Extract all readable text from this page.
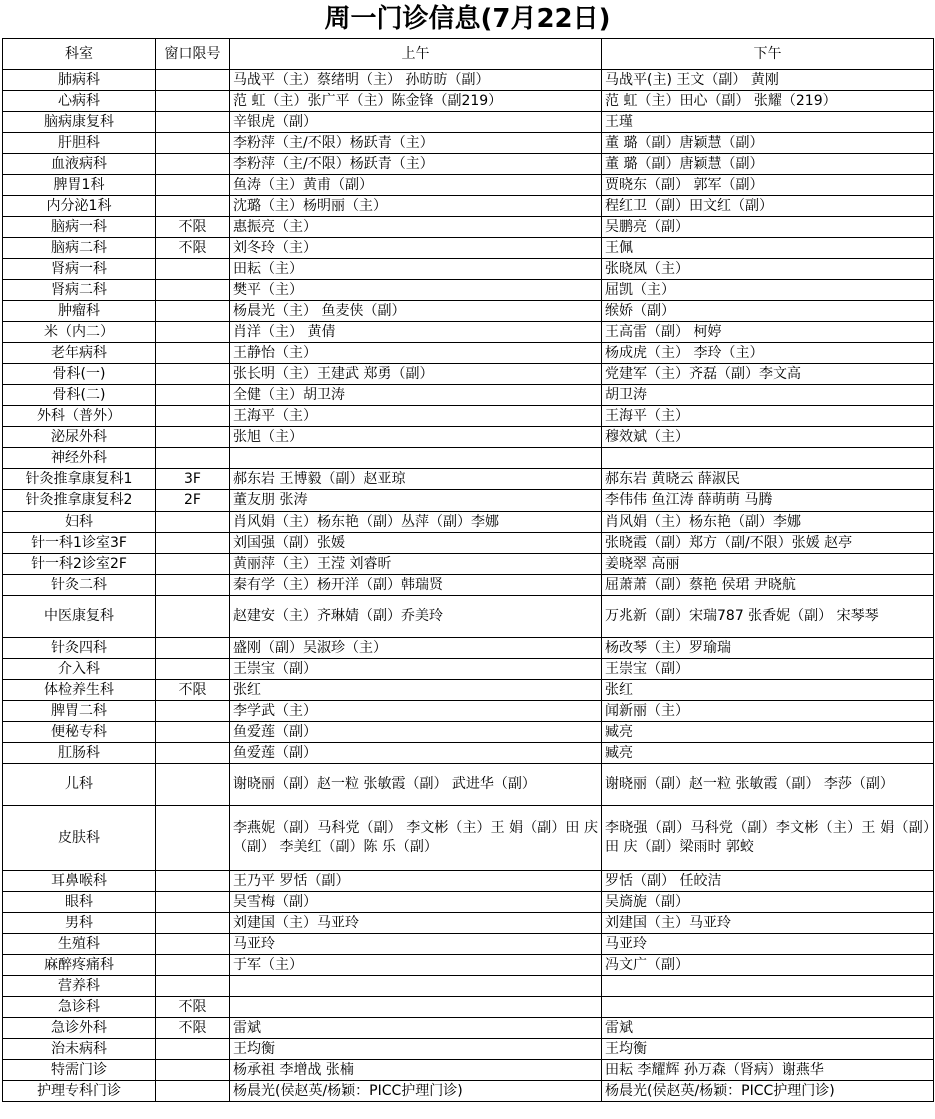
周一门诊信息(7月22日)
科室	窗口限号	上午	下午
肺病科		马战平（主）蔡绪明（主） 孙昉昉（副）	马战平(主) 王文（副） 黄刚
心病科		范 虹（主）张广平（主）陈金锋（副219）	范 虹（主）田心（副） 张耀（219）
脑病康复科		辛银虎（副）	王瑾
肝胆科		李粉萍（主/不限）杨跃青（主）	董 璐（副）唐颖慧（副）
血液病科		李粉萍（主/不限）杨跃青（主）	董 璐（副）唐颖慧（副）
脾胃1科		鱼涛（主）黄甫（副）	贾晓东（副） 郭军（副）
内分泌1科		沈璐（主）杨明丽（主）	程红卫（副）田文红（副）
脑病一科	不限	惠振亮（主）	吴鹏亮（副）
脑病二科	不限	刘冬玲（主）	王佩
肾病一科		田耘（主）	张晓凤（主）
肾病二科		樊平（主）	屈凯（主）
肿瘤科		杨晨光（主） 鱼麦侠（副）	缑娇（副）
米（内二）		肖洋（主） 黄倩	王高雷（副） 柯婷
老年病科		王静怡（主）	杨成虎（主） 李玲（主）
骨科(一)		张长明（主）王建武 郑勇（副）	党建军（主）齐磊（副）李文高
骨科(二)		全健（主）胡卫涛	胡卫涛
外科（普外）		王海平（主）	王海平（主）
泌尿外科		张旭（主）	穆效斌（主）
神经外科			
针灸推拿康复科1	3F	郝东岩 王博毅（副）赵亚琼	郝东岩 黄晓云 薛淑民
针灸推拿康复科2	2F	董友朋 张涛	李伟伟 鱼江涛 薛萌萌 马腾
妇科		肖风娟（主）杨东艳（副）丛萍（副）李娜	肖风娟（主）杨东艳（副）李娜
针一科1诊室3F		刘国强（副）张媛	张晓霞（副）郑方（副/不限）张媛 赵亭
针一科2诊室2F		黄丽萍（主）王滢 刘睿昕	姜晓翠 高丽
针灸二科		秦有学（主）杨开洋（副）韩瑞贤	屈萧萧（副）蔡艳 侯珺 尹晓航
中医康复科		赵建安（主）齐琳婧（副）乔美玲	万兆新（副）宋瑞787 张香妮（副） 宋琴琴
针灸四科		盛刚（副）吴淑珍（主）	杨改琴（主）罗瑜瑞
介入科		王崇宝（副）	王崇宝（副）
体检养生科	不限	张红	张红
脾胃二科		李学武（主）	闻新丽（主）
便秘专科		鱼爱莲（副）	臧亮
肛肠科		鱼爱莲（副）	臧亮
儿科		谢晓丽（副）赵一粒 张敏霞（副） 武进华（副）	谢晓丽（副）赵一粒 张敏霞（副） 李莎（副）
皮肤科		李燕妮（副）马科党（副） 李文彬（主）王 娟（副）田 庆（副） 李美红（副）陈 乐（副）	李晓强（副）马科党（副）李文彬（主）王 娟（副）田 庆（副）梁雨时 郭蛟
耳鼻喉科		王乃平 罗恬（副）	罗恬（副） 任皎洁
眼科		吴雪梅（副）	吴旖旎（副）
男科		刘建国（主）马亚玲	刘建国（主）马亚玲
生殖科		马亚玲	马亚玲
麻醉疼痛科		于军（主）	冯文广（副）
营养科			
急诊科	不限		
急诊外科	不限	雷斌	雷斌
治未病科		王均衡	王均衡
特需门诊		杨承祖 李增战 张楠	田耘 李耀辉 孙万森（肾病）谢燕华
护理专科门诊		杨晨光(侯赵英/杨颖：PICC护理门诊)	杨晨光(侯赵英/杨颖：PICC护理门诊)
